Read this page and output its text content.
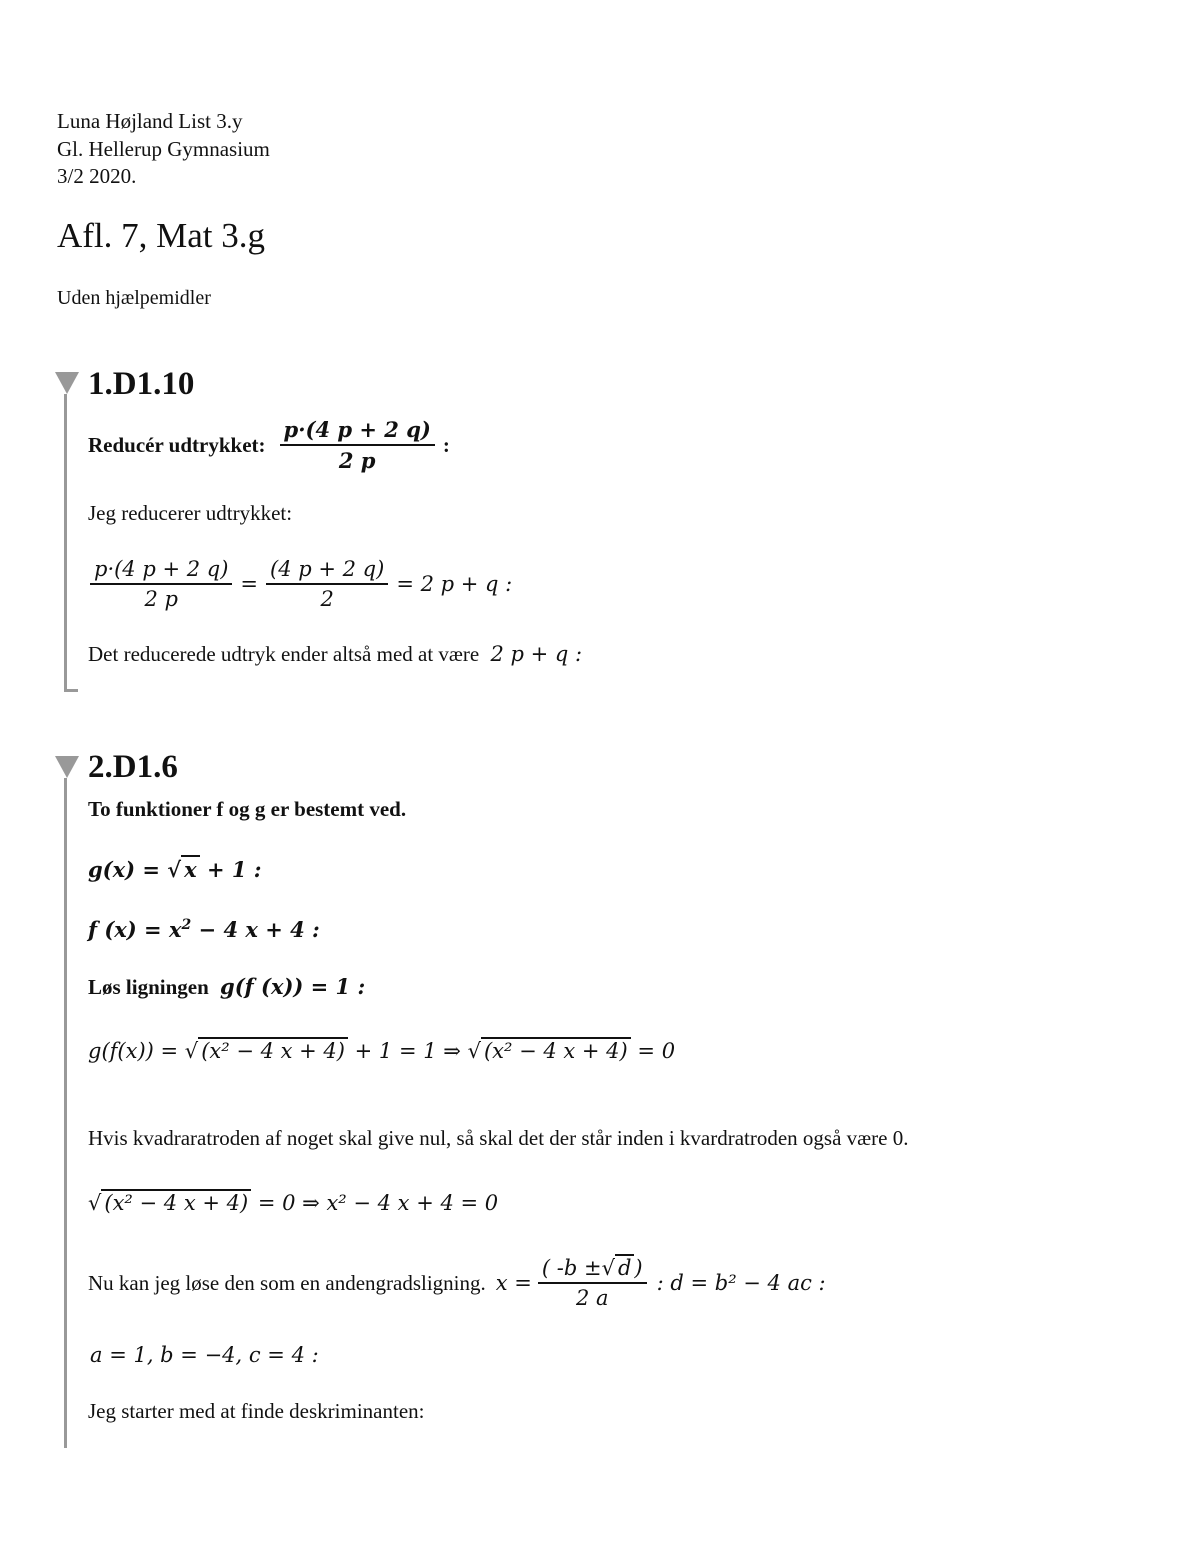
Luna Højland List 3.y
Gl. Hellerup Gymnasium
3/2 2020.
Afl. 7, Mat 3.g
Uden hjælpemidler
1.D1.10
Reducér udtrykket: $\frac{p\cdot(4 p + 2 q)}{2 p}$ :
Jeg reducerer udtrykket:
$\frac{p\cdot(4 p + 2 q)}{2 p} = \frac{(4 p + 2 q)}{2} = 2$ p + q :
Det reducerede udtryk ender altså med at være 2 p + q :
2.D1.6
To funktioner f og g er bestemt ved.
g(x) = √ x + 1 :
f $(x) = x^2 - 4$ x + 4 :
Løs ligningen g(f (x)) = 1 :
g(f(x)) = √ (x² − 4 x + 4) + 1 = 1 ⇒ √ (x² − 4 x + 4) = 0
Hvis kvadraratroden af noget skal give nul, så skal det der står inden i kvardratroden også være 0.
√ (x² − 4 x + 4) = 0 ⇒ x² − 4 x + 4 = 0
Nu kan jeg løse den som en andengradsligning. $x = \frac{( -b \pm√ d )}{2 a}$ : d = b² − 4 ac :
a = 1, b = −4, c = 4 :
Jeg starter med at finde deskriminanten:
